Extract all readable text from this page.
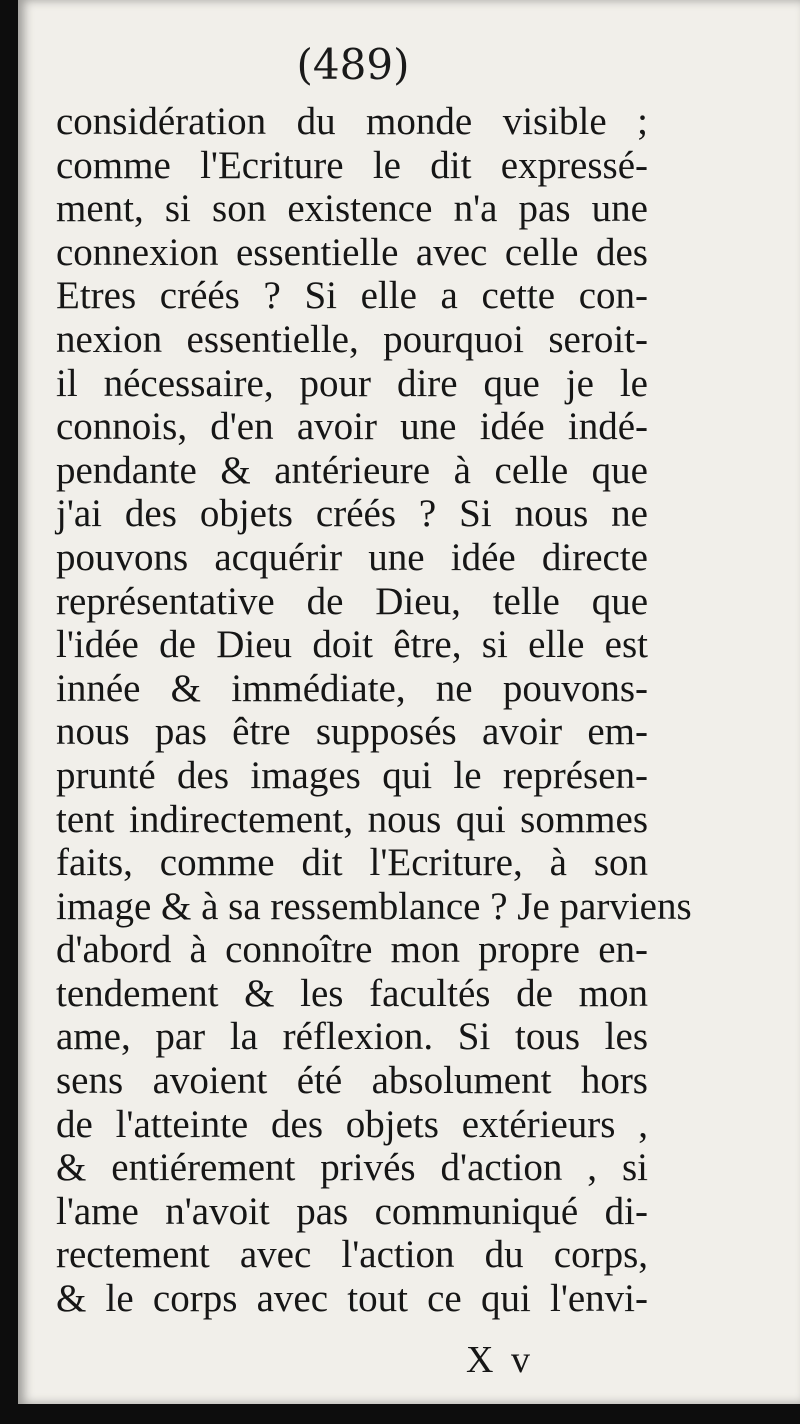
(489)
considération du monde visible ;
comme l'Ecriture le dit expressé-
ment, si son existence n'a pas une
connexion essentielle avec celle des
Etres créés ? Si elle a cette con-
nexion essentielle, pourquoi seroit-
il nécessaire, pour dire que je le
connois, d'en avoir une idée indé-
pendante & antérieure à celle que
j'ai des objets créés ? Si nous ne
pouvons acquérir une idée directe
représentative de Dieu, telle que
l'idée de Dieu doit être, si elle est
innée & immédiate, ne pouvons-
nous pas être supposés avoir em-
prunté des images qui le représen-
tent indirectement, nous qui sommes
faits, comme dit l'Ecriture, à son
image & à sa ressemblance ? Je parviens
d'abord à connoître mon propre en-
tendement & les facultés de mon
ame, par la réflexion. Si tous les
sens avoient été absolument hors
de l'atteinte des objets extérieurs ,
& entiérement privés d'action , si
l'ame n'avoit pas communiqué di-
rectement avec l'action du corps,
& le corps avec tout ce qui l'envi-
X v
